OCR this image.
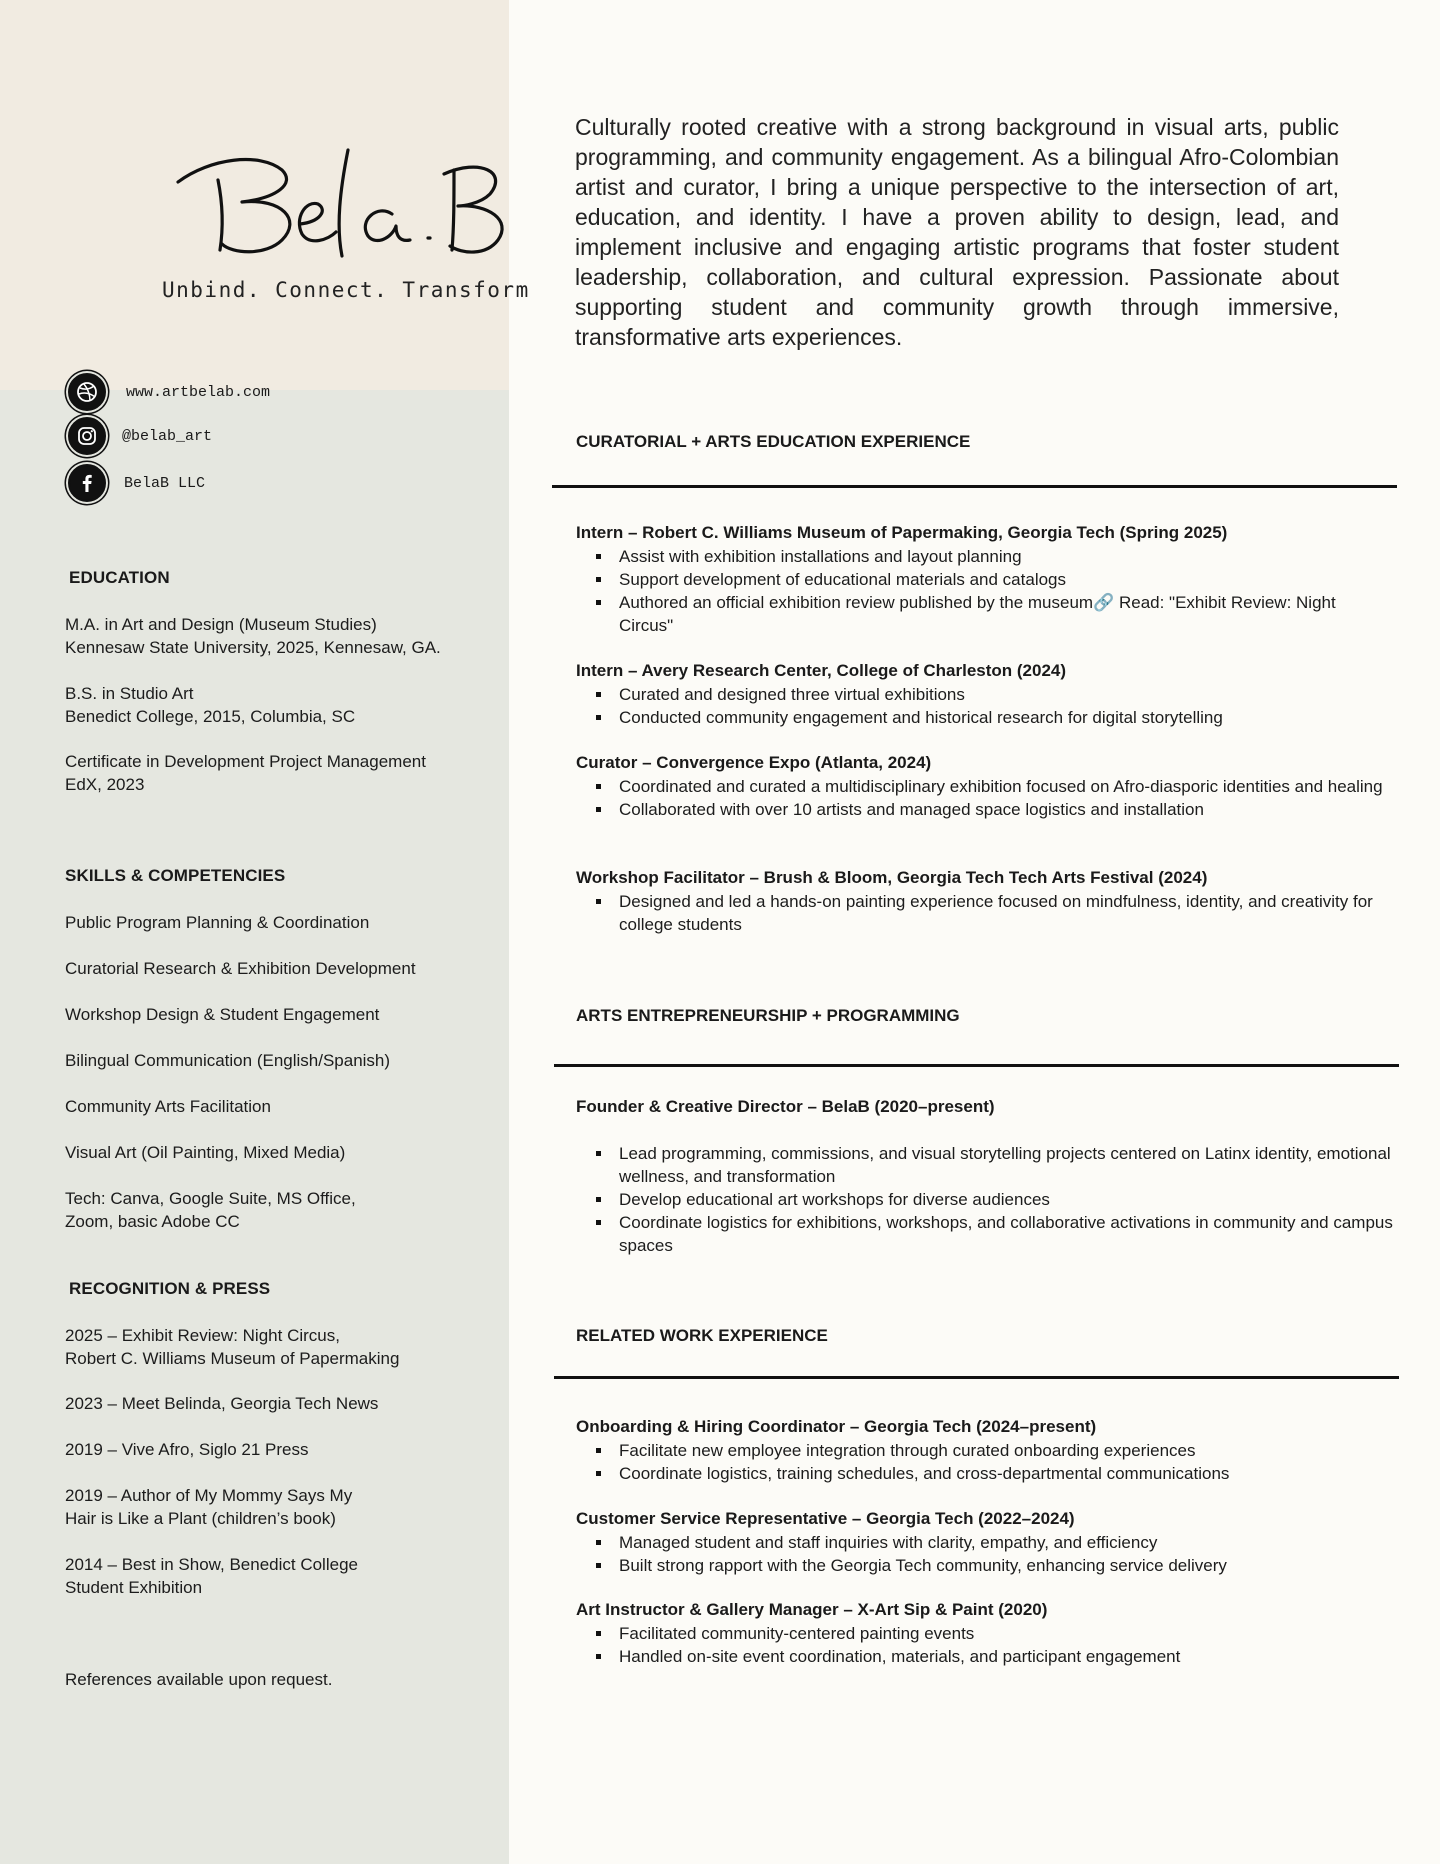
Unbind. Connect. Transform
www.artbelab.com
@belab_art
BelaB LLC
EDUCATION
M.A. in Art and Design (Museum Studies)
Kennesaw State University, 2025, Kennesaw, GA.
B.S. in Studio Art
Benedict College, 2015, Columbia, SC
Certificate in Development Project Management
EdX, 2023
SKILLS & COMPETENCIES
Public Program Planning & Coordination
Curatorial Research & Exhibition Development
Workshop Design & Student Engagement
Bilingual Communication (English/Spanish)
Community Arts Facilitation
Visual Art (Oil Painting, Mixed Media)
Tech: Canva, Google Suite, MS Office,
Zoom, basic Adobe CC
RECOGNITION & PRESS
2025 – Exhibit Review: Night Circus,
Robert C. Williams Museum of Papermaking
2023 – Meet Belinda, Georgia Tech News
2019 – Vive Afro, Siglo 21 Press
2019 – Author of My Mommy Says My
Hair is Like a Plant (children’s book)
2014 – Best in Show, Benedict College
Student Exhibition
References available upon request.
Culturally rooted creative with a strong background in visual arts, public programming, and community engagement. As a bilingual Afro-Colombian artist and curator, I bring a unique perspective to the intersection of art, education, and identity. I have a proven ability to design, lead, and implement inclusive and engaging artistic programs that foster student leadership, collaboration, and cultural expression. Passionate about supporting student and community growth through immersive, transformative arts experiences.
CURATORIAL + ARTS EDUCATION EXPERIENCE
Intern – Robert C. Williams Museum of Papermaking, Georgia Tech (Spring 2025)
Assist with exhibition installations and layout planning
Support development of educational materials and catalogs
Authored an official exhibition review published by the museum🔗 Read: "Exhibit Review: Night Circus"
Intern – Avery Research Center, College of Charleston (2024)
Curated and designed three virtual exhibitions
Conducted community engagement and historical research for digital storytelling
Curator – Convergence Expo (Atlanta, 2024)
Coordinated and curated a multidisciplinary exhibition focused on Afro-diasporic identities and healing
Collaborated with over 10 artists and managed space logistics and installation
Workshop Facilitator – Brush & Bloom, Georgia Tech Tech Arts Festival (2024)
Designed and led a hands-on painting experience focused on mindfulness, identity, and creativity for college students
ARTS ENTREPRENEURSHIP + PROGRAMMING
Founder & Creative Director – BelaB (2020–present)
Lead programming, commissions, and visual storytelling projects centered on Latinx identity, emotional wellness, and transformation
Develop educational art workshops for diverse audiences
Coordinate logistics for exhibitions, workshops, and collaborative activations in community and campus spaces
RELATED WORK EXPERIENCE
Onboarding & Hiring Coordinator – Georgia Tech (2024–present)
Facilitate new employee integration through curated onboarding experiences
Coordinate logistics, training schedules, and cross-departmental communications
Customer Service Representative – Georgia Tech (2022–2024)
Managed student and staff inquiries with clarity, empathy, and efficiency
Built strong rapport with the Georgia Tech community, enhancing service delivery
Art Instructor & Gallery Manager – X-Art Sip & Paint (2020)
Facilitated community-centered painting events
Handled on-site event coordination, materials, and participant engagement
